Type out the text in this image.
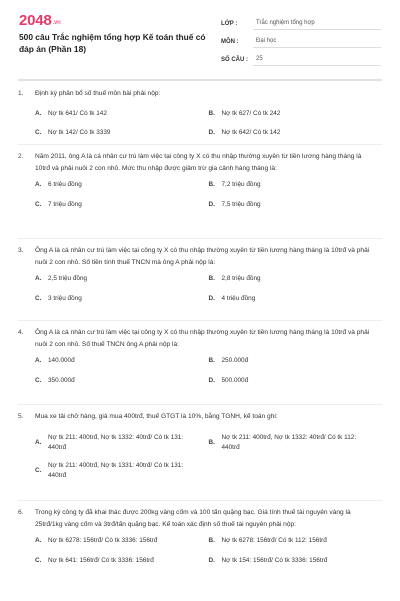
2048.vn
500 câu Trắc nghiệm tổng hợp Kế toán thuế có đáp án (Phần 18)
LỚP :	Trắc nghiệm tổng hợp
MÔN :	Đại học
SỐ CÂU :	25
1.	Định kỳ phân bổ số thuế môn bài phải nộp:
A.	Nợ tk 641/ Có tk 142	B.	Nợ tk 627/ Có tk 242
C.	Nợ tk 142/ Có tk 3339	D.	Nợ tk 642/ Có tk 142
2.	Năm 2011, ông A là cá nhân cư trú làm việc tại công ty X có thu nhập thường xuyên từ tiền lương hàng tháng là 10trđ và phải nuôi 2 con nhỏ. Mức thu nhập được giảm trừ gia cảnh hàng tháng là:
A.	6 triệu đồng	B.	7,2 triệu đồng
C.	7 triệu đồng	D.	7,5 triệu đồng
3.	Ông A là cá nhân cư trú làm việc tại công ty X có thu nhập thường xuyên từ tiền lương hàng tháng là 10trđ và phải nuôi 2 con nhỏ. Số tiền tính thuế TNCN mà ông A phải nộp là:
A.	2,5 triệu đồng	B.	2,8 triệu đồng
C.	3 triệu đồng	D.	4 triệu đồng
4.	Ông A là cá nhân cư trú làm việc tại công ty X có thu nhập thường xuyên từ tiền lương hàng tháng là 10trđ và phải nuôi 2 con nhỏ. Số thuế TNCN ông A phải nộp là:
A.	140.000đ	B.	250.000đ
C.	350.000đ	D.	500.000đ
5.	Mua xe tải chở hàng, giá mua 400trđ, thuế GTGT là 10%, bằng TGNH, kế toán ghi:
A.
Nợ tk 211: 400trđ, Nợ tk 1332: 40trđ/ Có tk 131: 440trđ
B.
Nợ tk 211: 400trđ, Nợ tk 1332: 40trđ/ Có tk 112: 440trđ
C.
Nợ tk 211: 400trđ, Nợ tk 1331: 40trđ/ Có tk 131: 440trđ
6.	Trong kỳ công ty đã khai thác được 200kg vàng cốm và 100 tấn quặng bạc. Giá tính thuế tài nguyên vàng là 25trđ/1kg vàng cốm và 3trđ/tấn quặng bạc. Kế toán xác định số thuế tài nguyên phải nộp:
A.	Nợ tk 6278: 156trđ/ Có tk 3336: 156trđ	B.	Nợ tk 6278: 156trđ/ Có tk 112: 156trđ
C.	Nợ tk 641: 156trđ/ Có tk 3336: 156trđ	D.	Nợ tk 154: 156trđ/ Có tk 3336: 156trđ
